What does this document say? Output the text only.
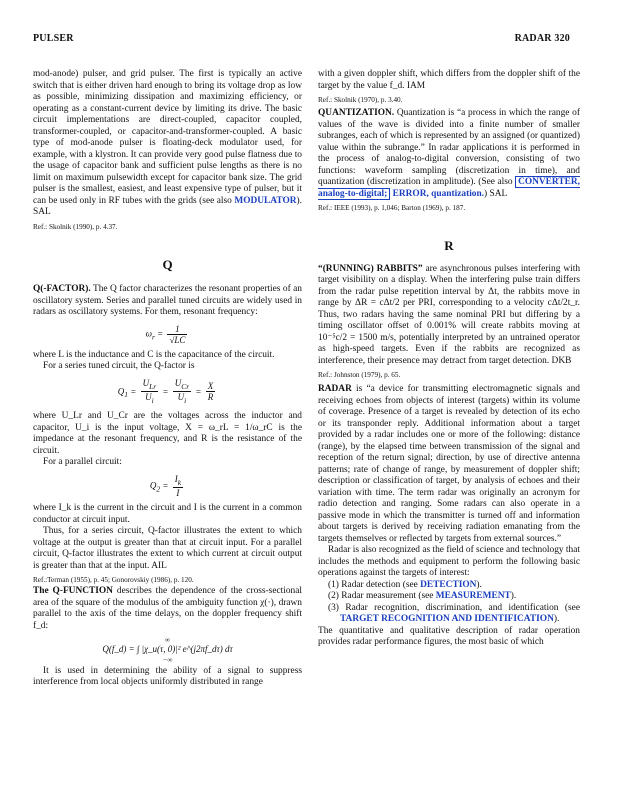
PULSER	RADAR 320

mod-anode) pulser, and grid pulser. The first is typically an active switch that is either driven hard enough to bring its voltage drop as low as possible, minimizing dissipation and maximizing efficiency, or operating as a constant-current device by limiting its drive. The basic circuit implementations are direct-coupled, capacitor coupled, transformer-coupled, or capacitor-and-transformer-coupled. A basic type of mod-anode pulser is floating-deck modulator used, for example, with a klystron. It can provide very good pulse flatness due to the usage of capacitor bank and sufficient pulse lengths as there is no limit on maximum pulsewidth except for capacitor bank size. The grid pulser is the smallest, easiest, and least expensive type of pulser, but it can be used only in RF tubes with the grids (see also MODULATOR). SAL

Ref.: Skolnik (1990), p. 4.37.

Q

Q(-FACTOR). The Q factor characterizes the resonant properties of an oscillatory system. Series and parallel tuned circuits are widely used in radars as oscillatory systems. For them, resonant frequency:

$\omega_r = \frac{1}{√LC}$

where L is the inductance and C is the capacitance of the circuit.

For a series tuned circuit, the Q-factor is

$Q_1 = \frac{U_{Lr}}{U_i} = \frac{U_{Cr}}{U_i} = \frac{X}{R}$

where U_Lr and U_Cr are the voltages across the inductor and capacitor, U_i is the input voltage, X = ω_rL = 1/ω_rC is the impedance at the resonant frequency, and R is the resistance of the circuit.

For a parallel circuit:

$Q_2 = \frac{I_k}{I}$

where I_k is the current in the circuit and I is the current in a common conductor at circuit input.

Thus, for a series circuit, Q-factor illustrates the extent to which voltage at the output is greater than that at circuit input. For a parallel circuit, Q-factor illustrates the extent to which current at circuit output is greater than that at the input. AIL

Ref.:Terman (1955), p. 45; Gonorovskiy (1986), p. 120.

The Q-FUNCTION describes the dependence of the cross-sectional area of the square of the modulus of the ambiguity function χ(·), drawn parallel to the axis of the time delays, on the doppler frequency shift f_d:

∞
Q(f_d) = ∫ |χ_u(τ, 0)|² e^(j2πf_dτ) dτ
−∞

It is used in determining the ability of a signal to suppress interference from local objects uniformly distributed in range

with a given doppler shift, which differs from the doppler shift of the target by the value f_d. IAM

Ref.: Skolnik (1970), p. 3.40.

QUANTIZATION. Quantization is “a process in which the range of values of the wave is divided into a finite number of smaller subranges, each of which is represented by an assigned (or quantized) value within the subrange.” In radar applications it is performed in the process of analog-to-digital conversion, consisting of two functions: waveform sampling (discretization in time), and quantization (discretization in amplitude). (See also CONVERTER, analog-to-digital; ERROR, quantization.) SAL

Ref.: IEEE (1993), p. 1,046; Barton (1969), p. 187.

R

“(RUNNING) RABBITS” are asynchronous pulses interfering with target visibility on a display. When the interfering pulse train differs from the radar pulse repetition interval by Δt, the rabbits move in range by ΔR = cΔt/2 per PRI, corresponding to a velocity cΔt/2t_r. Thus, two radars having the same nominal PRI but differing by a timing oscillator offset of 0.001% will create rabbits moving at 10⁻⁵c/2 = 1500 m/s, potentially interpreted by an untrained operator as high-speed targets. Even if the rabbits are recognized as interference, their presence may detract from target detection. DKB

Ref.: Johnston (1979), p. 65.

RADAR is “a device for transmitting electromagnetic signals and receiving echoes from objects of interest (targets) within its volume of coverage. Presence of a target is revealed by detection of its echo or its transponder reply. Additional information about a target provided by a radar includes one or more of the following: distance (range), by the elapsed time between transmission of the signal and reception of the return signal; direction, by use of directive antenna patterns; rate of change of range, by measurement of doppler shift; description or classification of target, by analysis of echoes and their variation with time. The term radar was originally an acronym for radio detection and ranging. Some radars can also operate in a passive mode in which the transmitter is turned off and information about targets is derived by receiving radiation emanating from the targets themselves or reflected by targets from external sources.”

Radar is also recognized as the field of science and technology that includes the methods and equipment to perform the following basic operations against the targets of interest:

(1) Radar detection (see DETECTION).

(2) Radar measurement (see MEASUREMENT).

(3) Radar recognition, discrimination, and identification (see TARGET RECOGNITION AND IDENTIFICATION).

The quantitative and qualitative description of radar operation provides radar performance figures, the most basic of which
